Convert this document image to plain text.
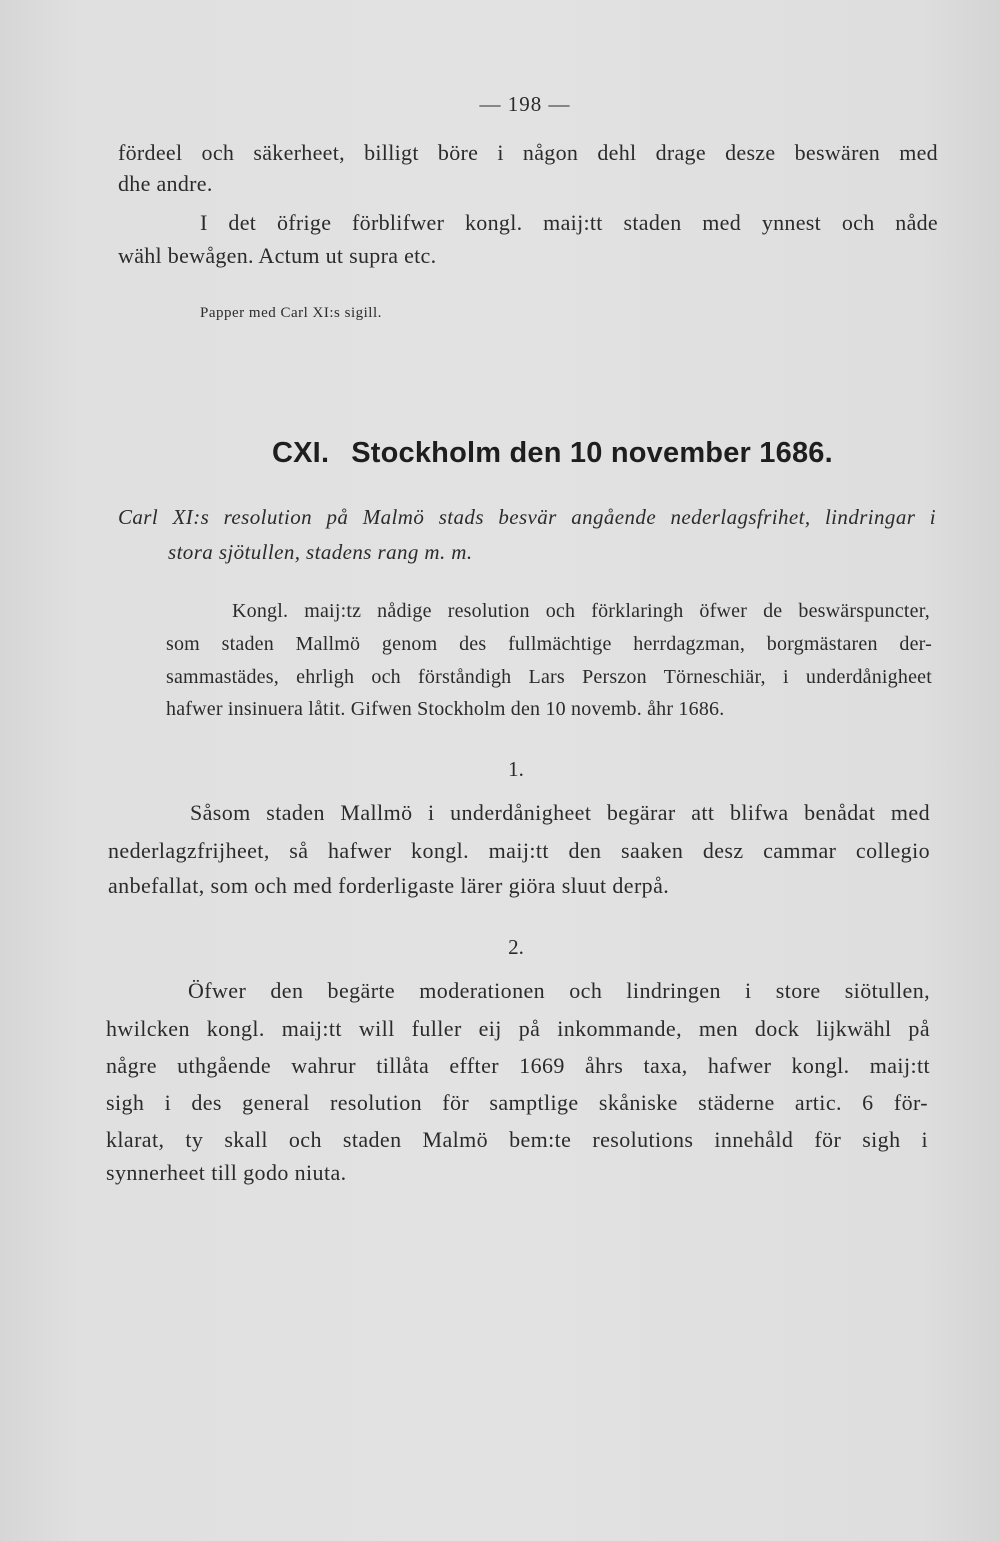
— 198 —

fördeel och säkerheet, billigt böre i någon dehl drage desze beswären med

dhe andre.

I det öfrige förblifwer kongl. maij:tt staden med ynnest och nåde

wähl bewågen. Actum ut supra etc.

Papper med Carl XI:s sigill.

CXI. Stockholm den 10 november 1686.

Carl XI:s resolution på Malmö stads besvär angående nederlagsfrihet, lindringar i

stora sjötullen, stadens rang m. m.

Kongl. maij:tz nådige resolution och förklaringh öfwer de beswärspuncter,

som staden Mallmö genom des fullmächtige herrdagzman, borgmästaren der-

sammastädes, ehrligh och förståndigh Lars Perszon Törneschiär, i underdånigheet

hafwer insinuera låtit. Gifwen Stockholm den 10 novemb. åhr 1686.

1.

Såsom staden Mallmö i underdånigheet begärar att blifwa benådat med

nederlagzfrijheet, så hafwer kongl. maij:tt den saaken desz cammar collegio

anbefallat, som och med forderligaste lärer giöra sluut derpå.

2.

Öfwer den begärte moderationen och lindringen i store siötullen,

hwilcken kongl. maij:tt will fuller eij på inkommande, men dock lijkwähl på

någre uthgående wahrur tillåta effter 1669 åhrs taxa, hafwer kongl. maij:tt

sigh i des general resolution för samptlige skåniske städerne artic. 6 för-

klarat, ty skall och staden Malmö bem:te resolutions innehåld för sigh i

synnerheet till godo niuta.
